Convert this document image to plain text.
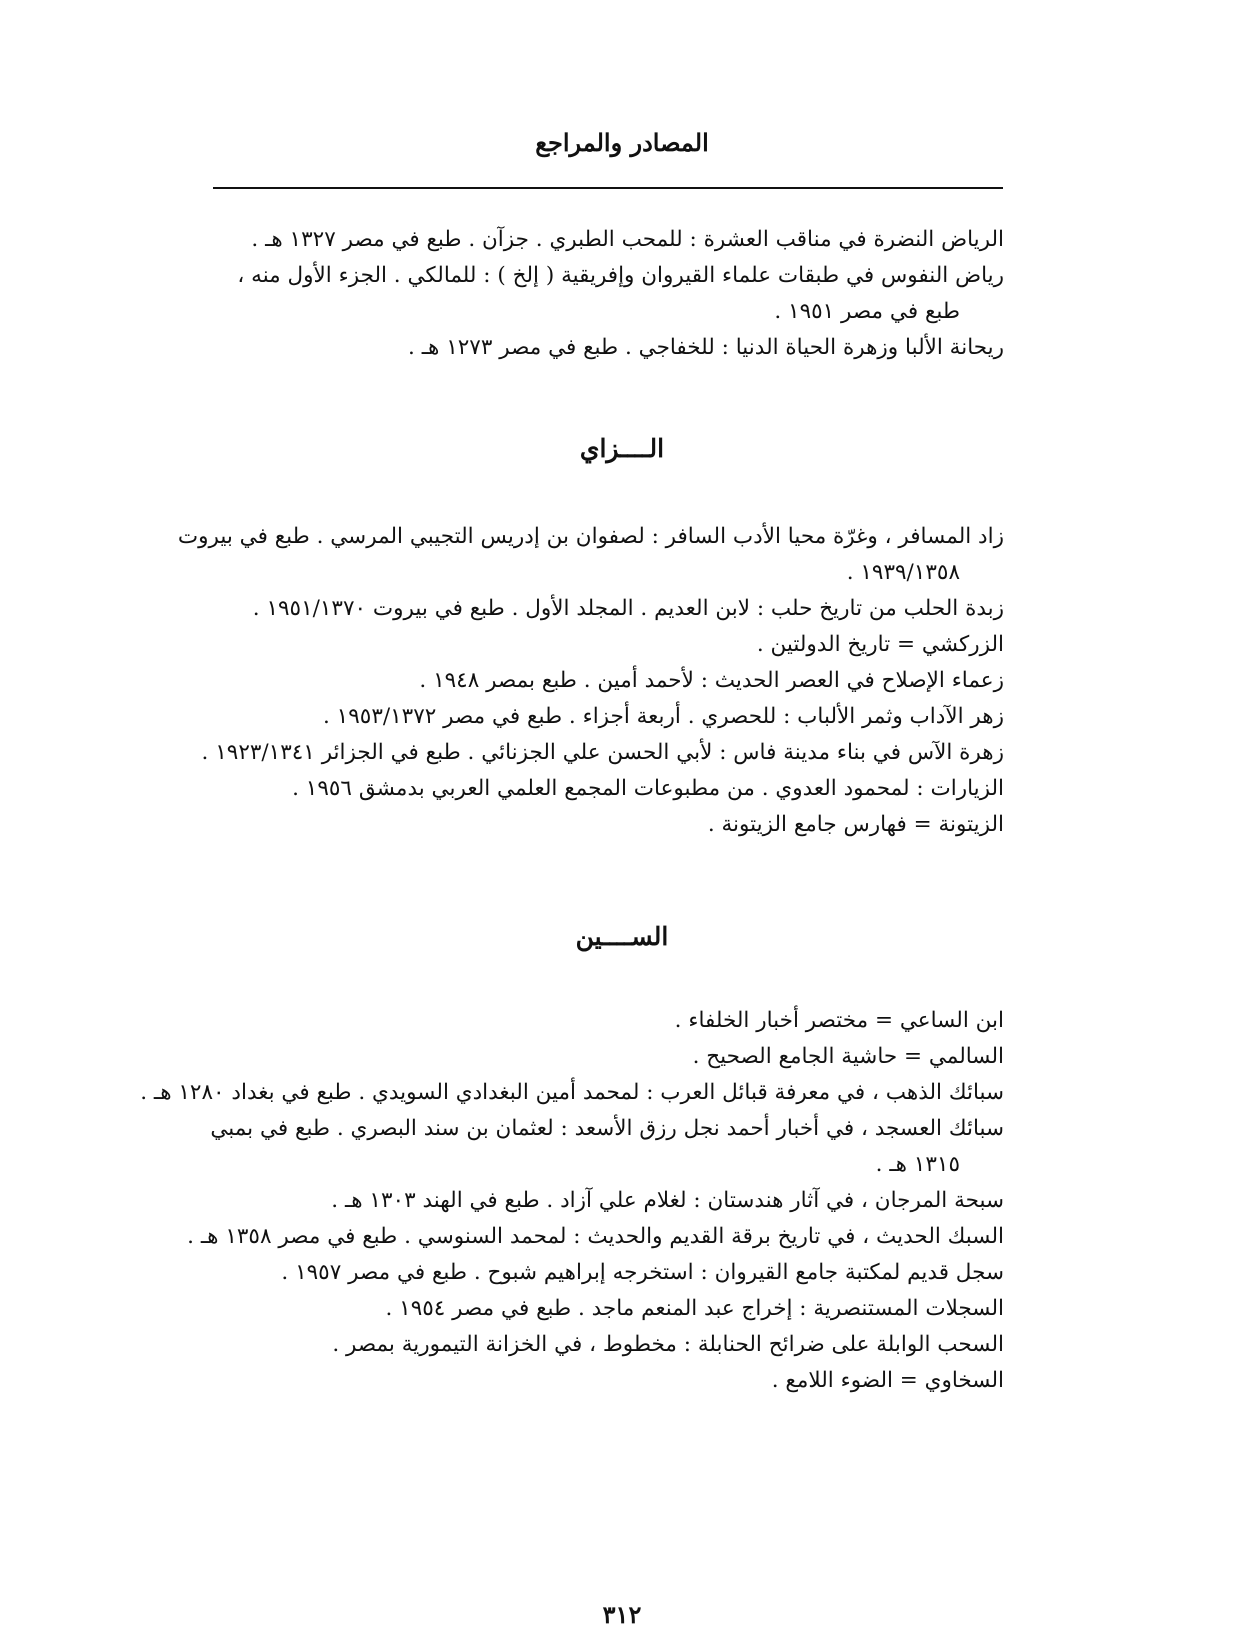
المصادر والمراجع
الرياض النضرة في مناقب العشرة : للمحب الطبري . جزآن . طبع في مصر ١٣٢٧ هـ .
رياض النفوس في طبقات علماء القيروان وإفريقية ( إلخ ) : للمالكي . الجزء الأول منه ،
طبع في مصر ١٩٥١ .
ريحانة الألبا وزهرة الحياة الدنيا : للخفاجي . طبع في مصر ١٢٧٣ هـ .
الــــزاي
زاد المسافر ، وغرّة محيا الأدب السافر : لصفوان بن إدريس التجيبي المرسي . طبع في بيروت
١٩٣٩/١٣٥٨ .
زبدة الحلب من تاريخ حلب : لابن العديم . المجلد الأول . طبع في بيروت ١٩٥١/١٣٧٠ .
الزركشي = تاريخ الدولتين .
زعماء الإصلاح في العصر الحديث : لأحمد أمين . طبع بمصر ١٩٤٨ .
زهر الآداب وثمر الألباب : للحصري . أربعة أجزاء . طبع في مصر ١٩٥٣/١٣٧٢ .
زهرة الآس في بناء مدينة فاس : لأبي الحسن علي الجزنائي . طبع في الجزائر ١٩٢٣/١٣٤١ .
الزيارات : لمحمود العدوي . من مطبوعات المجمع العلمي العربي بدمشق ١٩٥٦ .
الزيتونة = فهارس جامع الزيتونة .
الســــين
ابن الساعي = مختصر أخبار الخلفاء .
السالمي = حاشية الجامع الصحيح .
سبائك الذهب ، في معرفة قبائل العرب : لمحمد أمين البغدادي السويدي . طبع في بغداد ١٢٨٠ هـ .
سبائك العسجد ، في أخبار أحمد نجل رزق الأسعد : لعثمان بن سند البصري . طبع في بمبي
١٣١٥ هـ .
سبحة المرجان ، في آثار هندستان : لغلام علي آزاد . طبع في الهند ١٣٠٣ هـ .
السبك الحديث ، في تاريخ برقة القديم والحديث : لمحمد السنوسي . طبع في مصر ١٣٥٨ هـ .
سجل قديم لمكتبة جامع القيروان : استخرجه إبراهيم شبوح . طبع في مصر ١٩٥٧ .
السجلات المستنصرية : إخراج عبد المنعم ماجد . طبع في مصر ١٩٥٤ .
السحب الوابلة على ضرائح الحنابلة : مخطوط ، في الخزانة التيمورية بمصر .
السخاوي = الضوء اللامع .
٣١٢
